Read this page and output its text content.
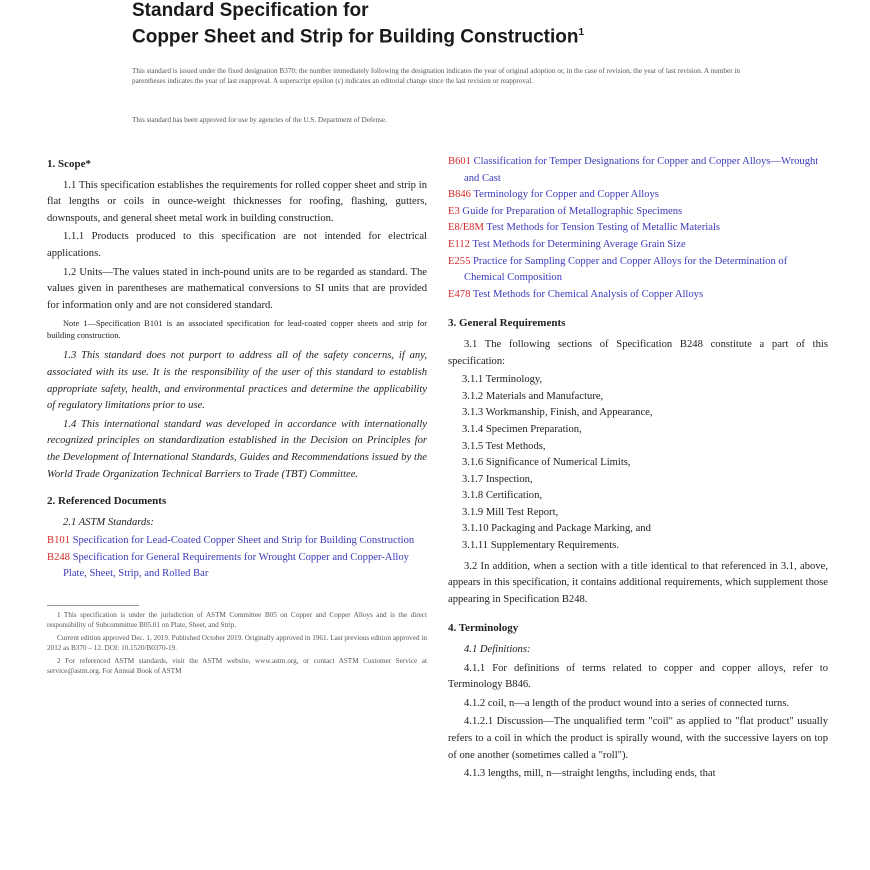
Standard Specification for

Copper Sheet and Strip for Building Construction$^1$

This standard is issued under the fixed designation B370; the number immediately following the designation indicates the year of original adoption or, in the case of revision, the year of last revision. A number in parentheses indicates the year of last reapproval. A superscript epsilon (ε) indicates an editorial change since the last revision or reapproval.
This standard has been approved for use by agencies of the U.S. Department of Defense.
1. Scope*

1.1 This specification establishes the requirements for rolled copper sheet and strip in flat lengths or coils in ounce-weight thicknesses for roofing, flashing, gutters, downspouts, and general sheet metal work in building construction.

1.1.1 Products produced to this specification are not intended for electrical applications.

1.2 Units—The values stated in inch-pound units are to be regarded as standard. The values given in parentheses are mathematical conversions to SI units that are provided for information only and are not considered standard.

Note 1—Specification B101 is an associated specification for lead-coated copper sheets and strip for building construction.

1.3 This standard does not purport to address all of the safety concerns, if any, associated with its use. It is the responsibility of the user of this standard to establish appropriate safety, health, and environmental practices and determine the applicability of regulatory limitations prior to use.

1.4 This international standard was developed in accordance with internationally recognized principles on standardization established in the Decision on Principles for the Development of International Standards, Guides and Recommendations issued by the World Trade Organization Technical Barriers to Trade (TBT) Committee.

2. Referenced Documents

2.1 ASTM Standards:

B101 Specification for Lead-Coated Copper Sheet and Strip for Building Construction
B248 Specification for General Requirements for Wrought Copper and Copper-Alloy Plate, Sheet, Strip, and Rolled Bar

1 This specification is under the jurisdiction of ASTM Committee B05 on Copper and Copper Alloys and is the direct responsibility of Subcommittee B05.01 on Plate, Sheet, and Strip.

Current edition approved Dec. 1, 2019. Published October 2019. Originally approved in 1961. Last previous edition approved in 2012 as B370 – 12. DOI: 10.1520/B0370-19.

2 For referenced ASTM standards, visit the ASTM website, www.astm.org, or contact ASTM Customer Service at service@astm.org. For Annual Book of ASTM

B601 Classification for Temper Designations for Copper and Copper Alloys—Wrought and Cast
B846 Terminology for Copper and Copper Alloys
E3 Guide for Preparation of Metallographic Specimens
E8/E8M Test Methods for Tension Testing of Metallic Materials
E112 Test Methods for Determining Average Grain Size
E255 Practice for Sampling Copper and Copper Alloys for the Determination of Chemical Composition
E478 Test Methods for Chemical Analysis of Copper Alloys
3. General Requirements

3.1 The following sections of Specification B248 constitute a part of this specification:

3.1.1 Terminology,
3.1.2 Materials and Manufacture,
3.1.3 Workmanship, Finish, and Appearance,
3.1.4 Specimen Preparation,
3.1.5 Test Methods,
3.1.6 Significance of Numerical Limits,
3.1.7 Inspection,
3.1.8 Certification,
3.1.9 Mill Test Report,
3.1.10 Packaging and Package Marking, and
3.1.11 Supplementary Requirements.

3.2 In addition, when a section with a title identical to that referenced in 3.1, above, appears in this specification, it contains additional requirements, which supplement those appearing in Specification B248.

4. Terminology

4.1 Definitions:

4.1.1 For definitions of terms related to copper and copper alloys, refer to Terminology B846.

4.1.2 coil, n—a length of the product wound into a series of connected turns.

4.1.2.1 Discussion—The unqualified term "coil" as applied to "flat product" usually refers to a coil in which the product is spirally wound, with the successive layers on top of one another (sometimes called a "roll").

4.1.3 lengths, mill, n—straight lengths, including ends, that
